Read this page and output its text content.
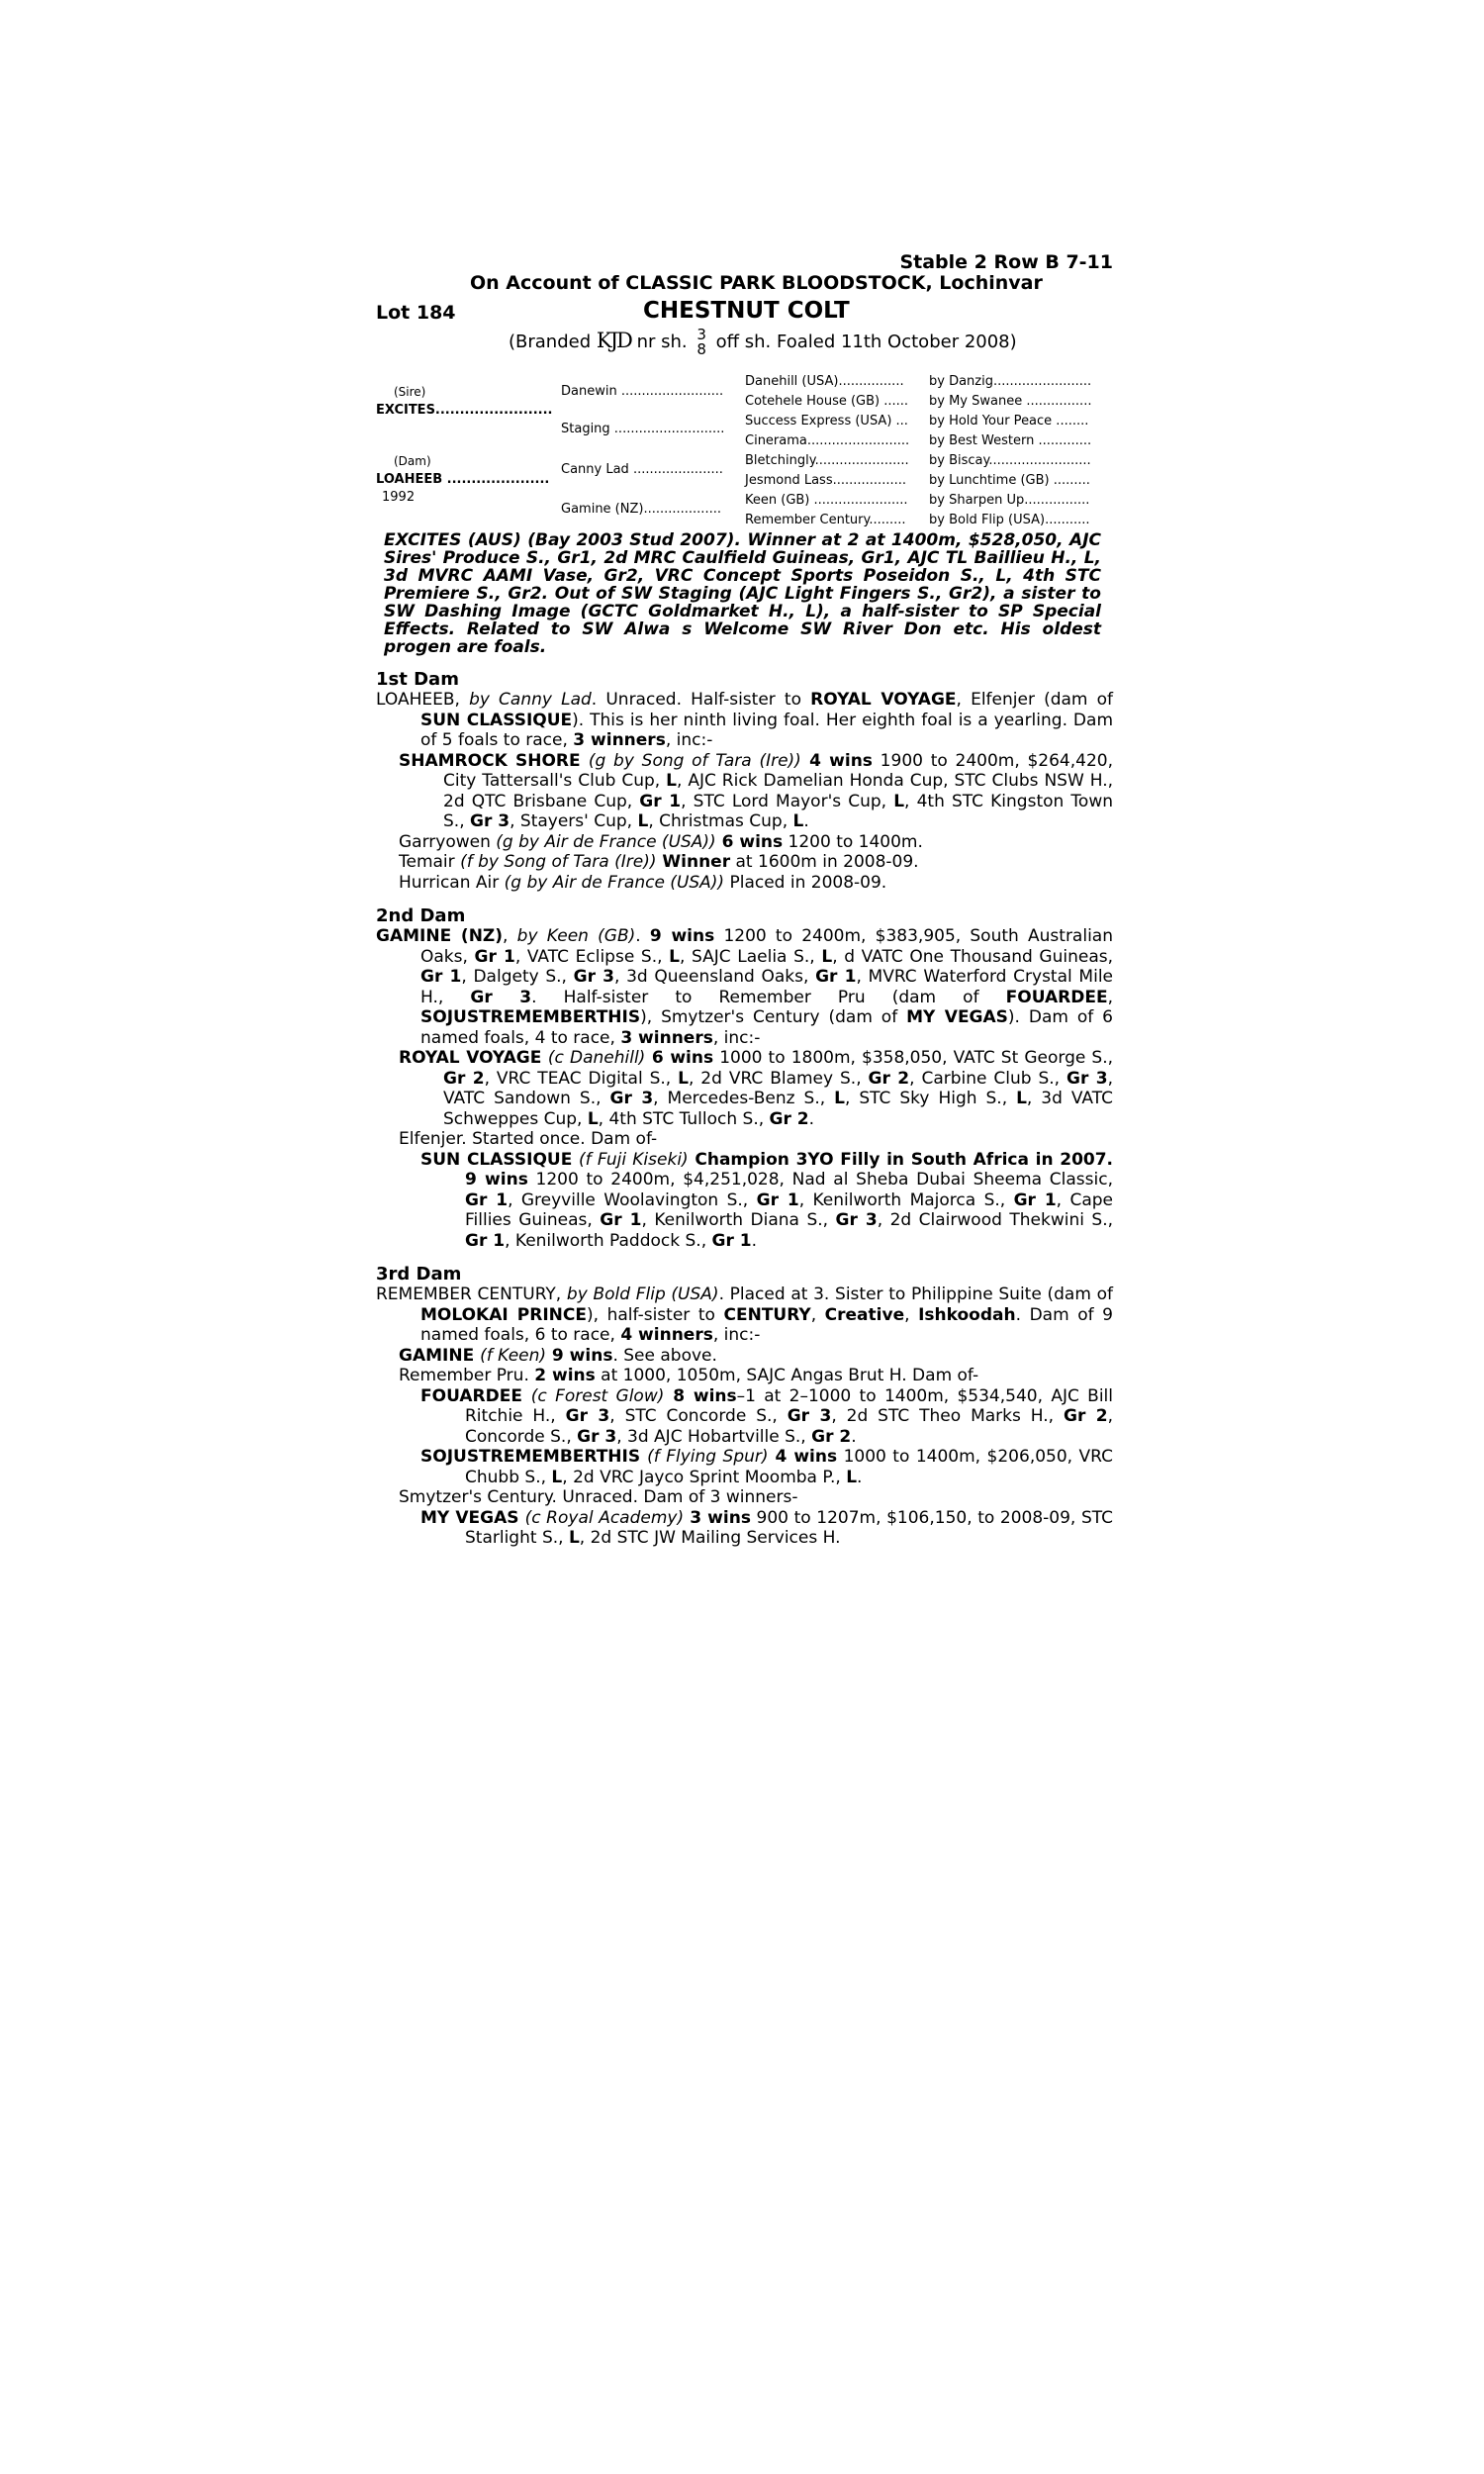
Stable 2 Row B 7-11
On Account of CLASSIC PARK BLOODSTOCK, Lochinvar
Lot 184	CHESTNUT COLT
(Branded KJD nr sh. 3
8 off sh. Foaled 11th October 2008)
(Sire)
EXCITES........................
(Dam)
LOAHEEB .....................
1992
Danewin .........................
Staging ...........................
Canny Lad ......................
Gamine (NZ)...................
Danehill (USA)................
Cotehele House (GB) ......
Success Express (USA) ...
Cinerama.........................
Bletchingly.......................
Jesmond Lass..................
Keen (GB) .......................
Remember Century.........
by Danzig........................
by My Swanee ................
by Hold Your Peace ........
by Best Western .............
by Biscay.........................
by Lunchtime (GB) .........
by Sharpen Up................
by Bold Flip (USA)...........
EXCITES (AUS) (Bay 2003 Stud 2007). Winner at 2 at 1400m, $528,050, AJC Sires' Produce S., Gr1, 2d MRC Caulfield Guineas, Gr1, AJC TL Baillieu H., L, 3d MVRC AAMI Vase, Gr2, VRC Concept Sports Poseidon S., L, 4th STC Premiere S., Gr2. Out of SW Staging (AJC Light Fingers S., Gr2), a sister to SW Dashing Image (GCTC Goldmarket H., L), a half-sister to SP Special Effects. Related to SW Alwa s Welcome SW River Don etc. His oldest progen are foals.
1st Dam
LOAHEEB, by Canny Lad. Unraced. Half-sister to ROYAL VOYAGE, Elfenjer (dam of SUN CLASSIQUE). This is her ninth living foal. Her eighth foal is a yearling. Dam of 5 foals to race, 3 winners, inc:-
SHAMROCK SHORE (g by Song of Tara (Ire)) 4 wins 1900 to 2400m, $264,420, City Tattersall's Club Cup, L, AJC Rick Damelian Honda Cup, STC Clubs NSW H., 2d QTC Brisbane Cup, Gr 1, STC Lord Mayor's Cup, L, 4th STC Kingston Town S., Gr 3, Stayers' Cup, L, Christmas Cup, L.
Garryowen (g by Air de France (USA)) 6 wins 1200 to 1400m.
Temair (f by Song of Tara (Ire)) Winner at 1600m in 2008-09.
Hurrican Air (g by Air de France (USA)) Placed in 2008-09.
2nd Dam
GAMINE (NZ), by Keen (GB). 9 wins 1200 to 2400m, $383,905, South Australian Oaks, Gr 1, VATC Eclipse S., L, SAJC Laelia S., L, d VATC One Thousand Guineas, Gr 1, Dalgety S., Gr 3, 3d Queensland Oaks, Gr 1, MVRC Waterford Crystal Mile H., Gr 3. Half-sister to Remember Pru (dam of FOUARDEE, SOJUSTREMEMBERTHIS), Smytzer's Century (dam of MY VEGAS). Dam of 6 named foals, 4 to race, 3 winners, inc:-
ROYAL VOYAGE (c Danehill) 6 wins 1000 to 1800m, $358,050, VATC St George S., Gr 2, VRC TEAC Digital S., L, 2d VRC Blamey S., Gr 2, Carbine Club S., Gr 3, VATC Sandown S., Gr 3, Mercedes-Benz S., L, STC Sky High S., L, 3d VATC Schweppes Cup, L, 4th STC Tulloch S., Gr 2.
Elfenjer. Started once. Dam of-
SUN CLASSIQUE (f Fuji Kiseki) Champion 3YO Filly in South Africa in 2007. 9 wins 1200 to 2400m, $4,251,028, Nad al Sheba Dubai Sheema Classic, Gr 1, Greyville Woolavington S., Gr 1, Kenilworth Majorca S., Gr 1, Cape Fillies Guineas, Gr 1, Kenilworth Diana S., Gr 3, 2d Clairwood Thekwini S., Gr 1, Kenilworth Paddock S., Gr 1.
3rd Dam
REMEMBER CENTURY, by Bold Flip (USA). Placed at 3. Sister to Philippine Suite (dam of MOLOKAI PRINCE), half-sister to CENTURY, Creative, Ishkoodah. Dam of 9 named foals, 6 to race, 4 winners, inc:-
GAMINE (f Keen) 9 wins. See above.
Remember Pru. 2 wins at 1000, 1050m, SAJC Angas Brut H. Dam of-
FOUARDEE (c Forest Glow) 8 wins–1 at 2–1000 to 1400m, $534,540, AJC Bill Ritchie H., Gr 3, STC Concorde S., Gr 3, 2d STC Theo Marks H., Gr 2, Concorde S., Gr 3, 3d AJC Hobartville S., Gr 2.
SOJUSTREMEMBERTHIS (f Flying Spur) 4 wins 1000 to 1400m, $206,050, VRC Chubb S., L, 2d VRC Jayco Sprint Moomba P., L.
Smytzer's Century. Unraced. Dam of 3 winners-
MY VEGAS (c Royal Academy) 3 wins 900 to 1207m, $106,150, to 2008-09, STC Starlight S., L, 2d STC JW Mailing Services H.
